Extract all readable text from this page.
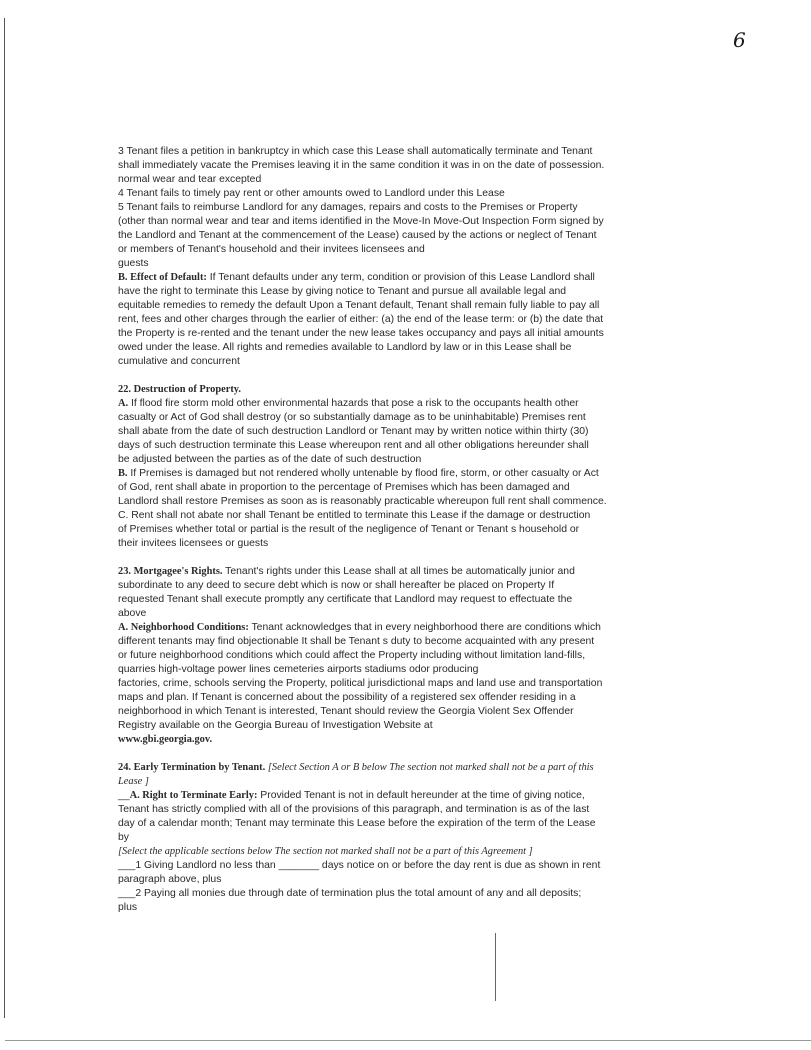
6
3 Tenant files a petition in bankruptcy in which case this Lease shall automatically terminate and Tenant
shall immediately vacate the Premises leaving it in the same condition it was in on the date of possession.
normal wear and tear excepted
4 Tenant fails to timely pay rent or other amounts owed to Landlord under this Lease
5 Tenant fails to reimburse Landlord for any damages, repairs and costs to the Premises or Property
(other than normal wear and tear and items identified in the Move-In Move-Out Inspection Form signed by
the Landlord and Tenant at the commencement of the Lease) caused by the actions or neglect of Tenant
or members of Tenant's household and their invitees licensees and
guests
B. Effect of Default: If Tenant defaults under any term, condition or provision of this Lease Landlord shall
have the right to terminate this Lease by giving notice to Tenant and pursue all available legal and
equitable remedies to remedy the default Upon a Tenant default, Tenant shall remain fully liable to pay all
rent, fees and other charges through the earlier of either: (a) the end of the lease term: or (b) the date that
the Property is re-rented and the tenant under the new lease takes occupancy and pays all initial amounts
owed under the lease. All rights and remedies available to Landlord by law or in this Lease shall be
cumulative and concurrent
22. Destruction of Property.
A. If flood fire storm mold other environmental hazards that pose a risk to the occupants health other
casualty or Act of God shall destroy (or so substantially damage as to be uninhabitable) Premises rent
shall abate from the date of such destruction Landlord or Tenant may by written notice within thirty (30)
days of such destruction terminate this Lease whereupon rent and all other obligations hereunder shall
be adjusted between the parties as of the date of such destruction
B. If Premises is damaged but not rendered wholly untenable by flood fire, storm, or other casualty or Act
of God, rent shall abate in proportion to the percentage of Premises which has been damaged and
Landlord shall restore Premises as soon as is reasonably practicable whereupon full rent shall commence.
C. Rent shall not abate nor shall Tenant be entitled to terminate this Lease if the damage or destruction
of Premises whether total or partial is the result of the negligence of Tenant or Tenant s household or
their invitees licensees or guests
23. Mortgagee's Rights. Tenant's rights under this Lease shall at all times be automatically junior and
subordinate to any deed to secure debt which is now or shall hereafter be placed on Property If
requested Tenant shall execute promptly any certificate that Landlord may request to effectuate the
above
A. Neighborhood Conditions: Tenant acknowledges that in every neighborhood there are conditions which
different tenants may find objectionable It shall be Tenant s duty to become acquainted with any present
or future neighborhood conditions which could affect the Property including without limitation land-fills,
quarries high-voltage power lines cemeteries airports stadiums odor producing
factories, crime, schools serving the Property, political jurisdictional maps and land use and transportation
maps and plan. If Tenant is concerned about the possibility of a registered sex offender residing in a
neighborhood in which Tenant is interested, Tenant should review the Georgia Violent Sex Offender
Registry available on the Georgia Bureau of Investigation Website at
www.gbi.georgia.gov.
24. Early Termination by Tenant. [Select Section A or B below The section not marked shall not be a part of this
Lease ]
__A. Right to Terminate Early: Provided Tenant is not in default hereunder at the time of giving notice,
Tenant has strictly complied with all of the provisions of this paragraph, and termination is as of the last
day of a calendar month; Tenant may terminate this Lease before the expiration of the term of the Lease
by
[Select the applicable sections below The section not marked shall not be a part of this Agreement ]
___1 Giving Landlord no less than _______ days notice on or before the day rent is due as shown in rent
paragraph above, plus
___2 Paying all monies due through date of termination plus the total amount of any and all deposits;
plus
